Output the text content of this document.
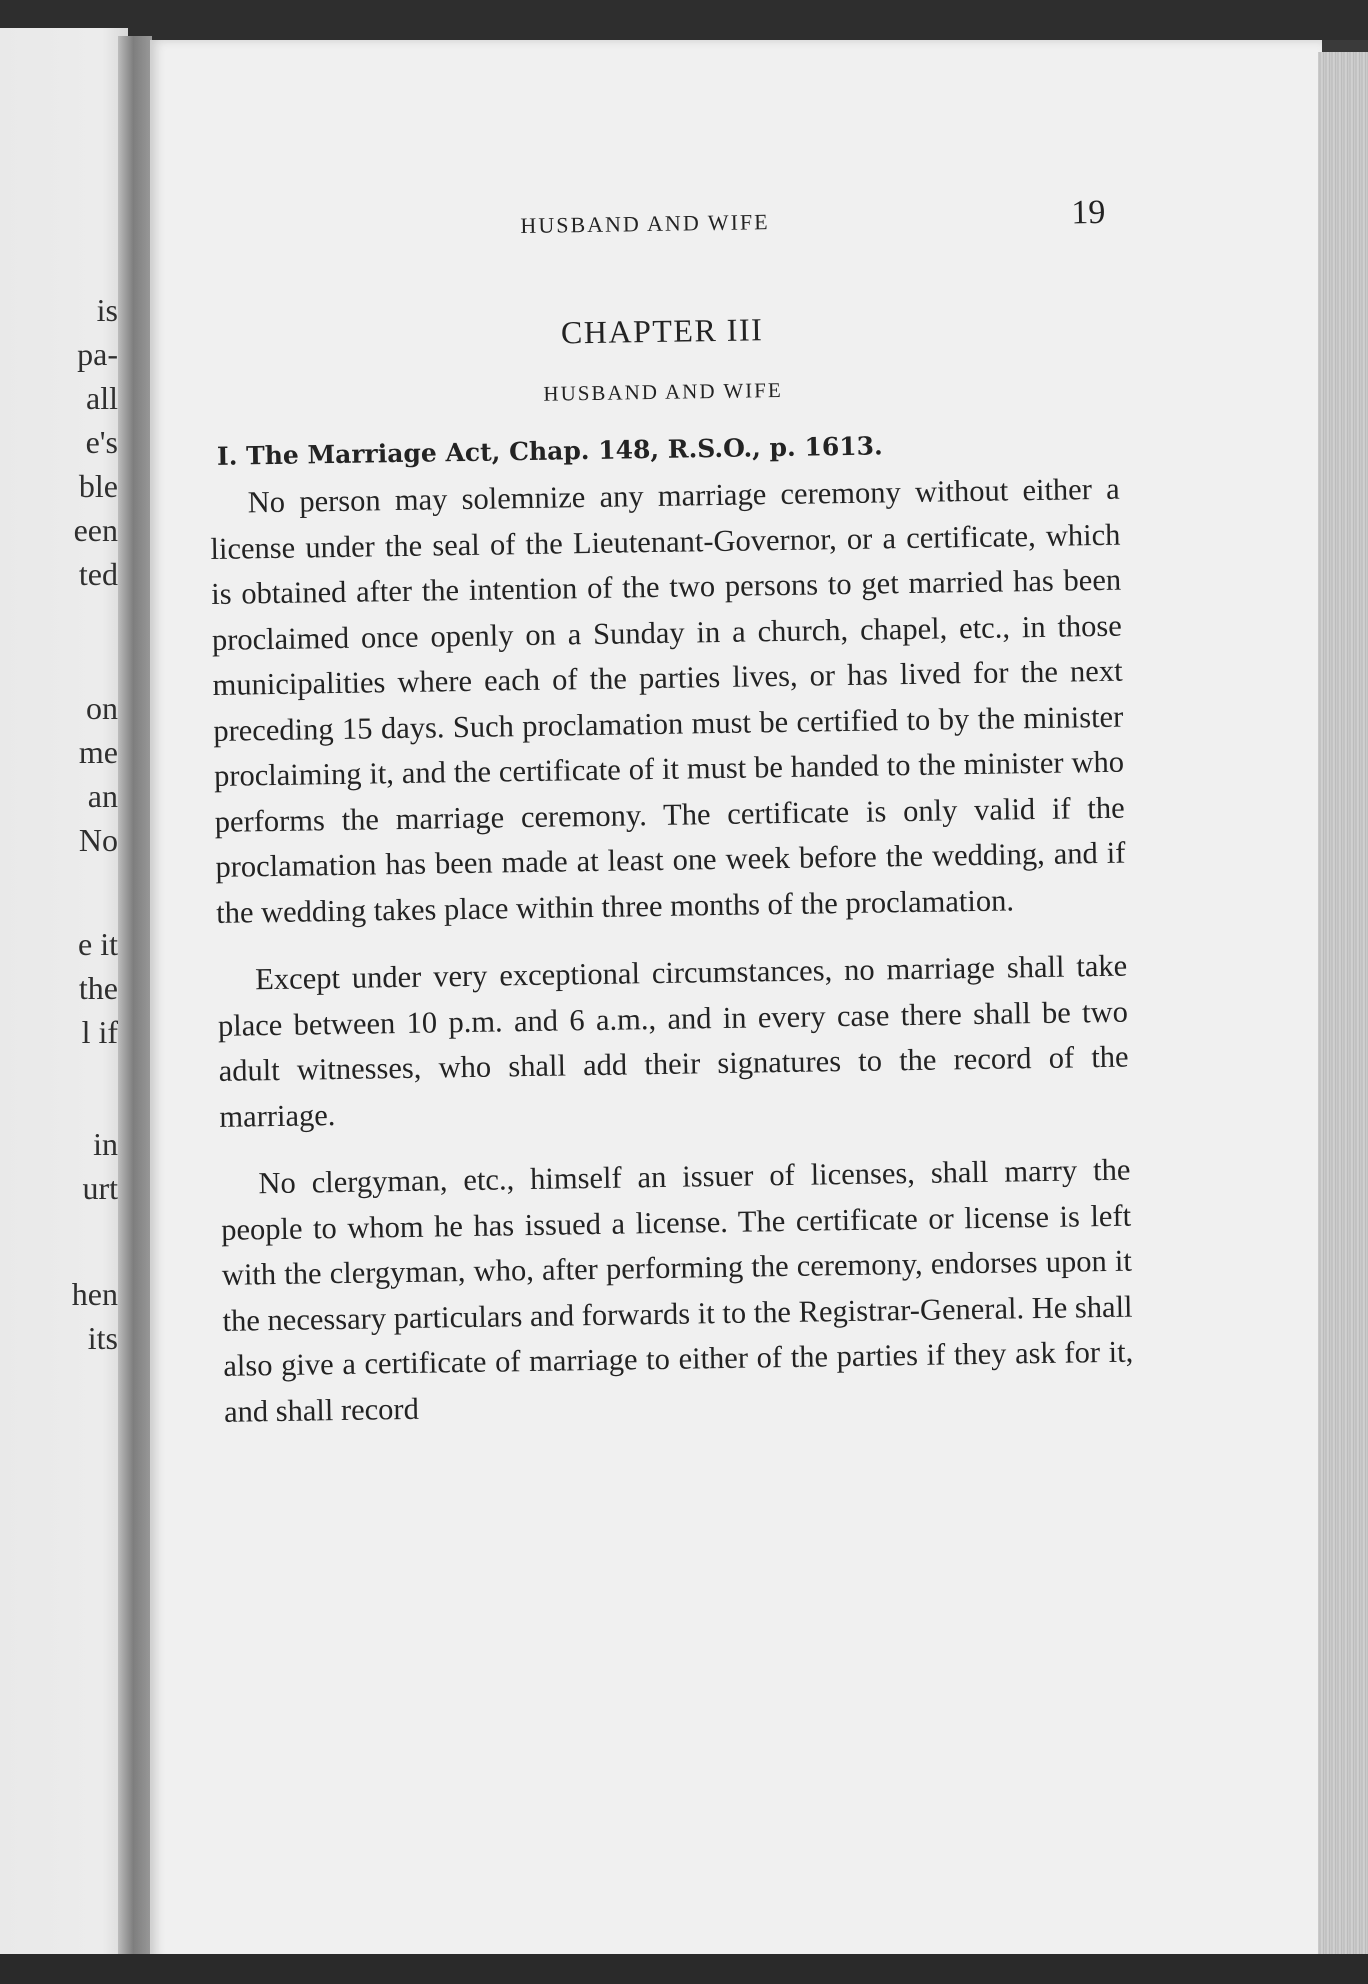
is
pa-
all
e's
ble
een
ted
on
me
an
No
e it
the
l if
in
urt
hen
its
HUSBAND AND WIFE	19
CHAPTER III
HUSBAND AND WIFE
I. The Marriage Act, Chap. 148, R.S.O., p. 1613.

No person may solemnize any marriage ceremony without either a license under the seal of the Lieutenant-Governor, or a certificate, which is obtained after the intention of the two persons to get married has been proclaimed once openly on a Sunday in a church, chapel, etc., in those municipalities where each of the parties lives, or has lived for the next preceding 15 days. Such proclamation must be certified to by the minister proclaiming it, and the certificate of it must be handed to the minister who performs the marriage ceremony. The certificate is only valid if the proclamation has been made at least one week before the wedding, and if the wedding takes place within three months of the proclamation.

Except under very exceptional circumstances, no marriage shall take place between 10 p.m. and 6 a.m., and in every case there shall be two adult witnesses, who shall add their signatures to the record of the marriage.

No clergyman, etc., himself an issuer of licenses, shall marry the people to whom he has issued a license. The certificate or license is left with the clergyman, who, after performing the ceremony, endorses upon it the necessary particulars and forwards it to the Registrar-General. He shall also give a certificate of marriage to either of the parties if they ask for it, and shall record
